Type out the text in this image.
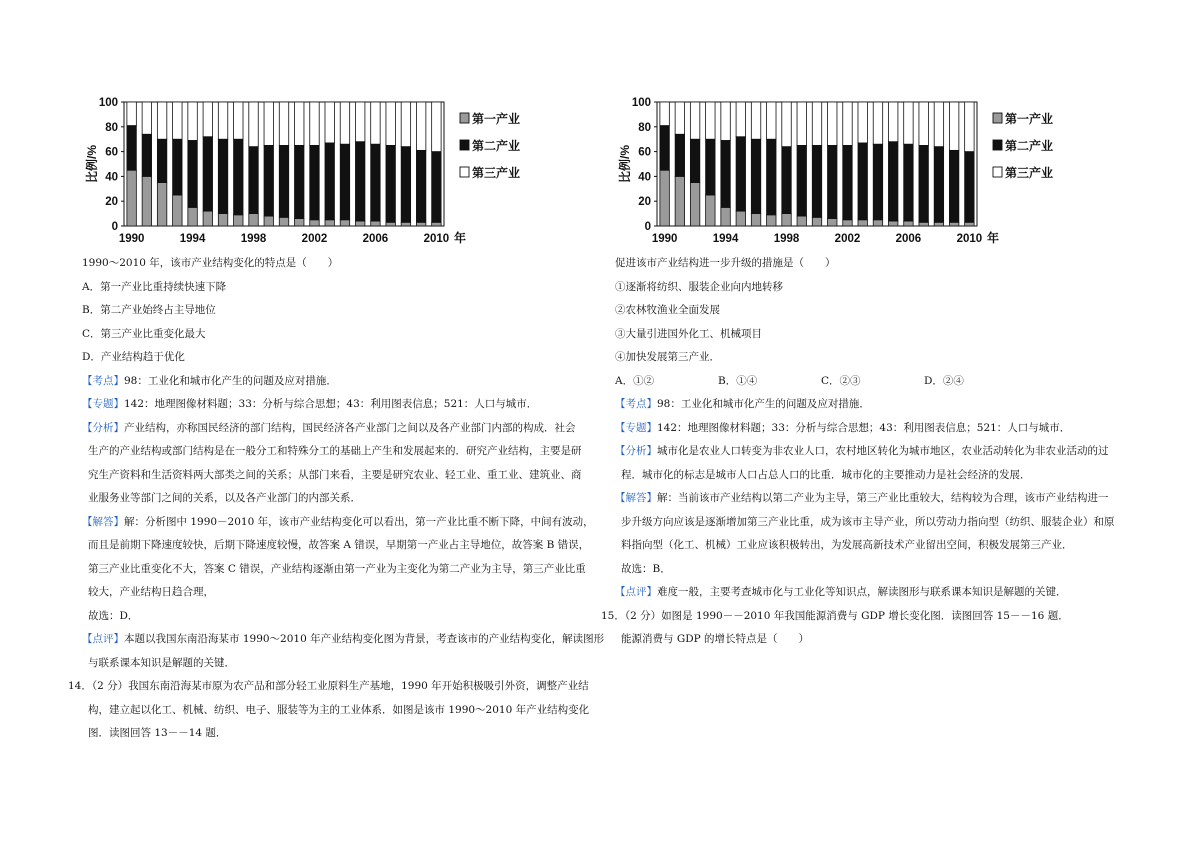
0
20
40
60
80
100
比例/%
1990	1994	1998	2002	2006	2010 年
第一产业
第二产业
第三产业
1990～2010 年，该市产业结构变化的特点是（　　）
A．第一产业比重持续快速下降
B．第二产业始终占主导地位
C．第三产业比重变化最大
D．产业结构趋于优化
【考点】98：工业化和城市化产生的问题及应对措施．
【专题】142：地理图像材料题；33：分析与综合思想；43：利用图表信息；521：人口与城市．
【分析】产业结构，亦称国民经济的部门结构，国民经济各产业部门之间以及各产业部门内部的构成．社会
生产的产业结构或部门结构是在一般分工和特殊分工的基础上产生和发展起来的．研究产业结构，主要是研
究生产资料和生活资料两大部类之间的关系；从部门来看，主要是研究农业、轻工业、重工业、建筑业、商
业服务业等部门之间的关系，以及各产业部门的内部关系．
【解答】解：分析图中 1990－2010 年，该市产业结构变化可以看出，第一产业比重不断下降，中间有波动，
而且是前期下降速度较快，后期下降速度较慢，故答案 A 错误，早期第一产业占主导地位，故答案 B 错误，
第三产业比重变化不大，答案 C 错误，产业结构逐渐由第一产业为主变化为第二产业为主导，第三产业比重
较大，产业结构日趋合理，
故选：D．
【点评】本题以我国东南沿海某市 1990～2010 年产业结构变化图为背景，考查该市的产业结构变化，解读图形
与联系课本知识是解题的关键．
14．（2 分）我国东南沿海某市原为农产品和部分轻工业原料生产基地，1990 年开始积极吸引外资，调整产业结
构，建立起以化工、机械、纺织、电子、服装等为主的工业体系．如图是该市 1990～2010 年产业结构变化
图．读图回答 13－－14 题．
0
20
40
60
80
100
比例/%
1990	1994	1998	2002	2006	2010 年
第一产业
第二产业
第三产业
促进该市产业结构进一步升级的措施是（　　）
①逐渐将纺织、服装企业向内地转移
②农林牧渔业全面发展
③大量引进国外化工、机械项目
④加快发展第三产业．
A．①②	B．①④	C．②③	D．②④
【考点】98：工业化和城市化产生的问题及应对措施．
【专题】142：地理图像材料题；33：分析与综合思想；43：利用图表信息；521：人口与城市．
【分析】城市化是农业人口转变为非农业人口，农村地区转化为城市地区，农业活动转化为非农业活动的过
程．城市化的标志是城市人口占总人口的比重．城市化的主要推动力是社会经济的发展．
【解答】解：当前该市产业结构以第二产业为主导，第三产业比重较大，结构较为合理，该市产业结构进一
步升级方向应该是逐渐增加第三产业比重，成为该市主导产业，所以劳动力指向型（纺织、服装企业）和原
料指向型（化工、机械）工业应该积极转出，为发展高新技术产业留出空间，积极发展第三产业．
故选：B．
【点评】难度一般，主要考查城市化与工业化等知识点，解读图形与联系课本知识是解题的关键．
15．（2 分）如图是 1990－－2010 年我国能源消费与 GDP 增长变化图．读图回答 15－－16 题．
能源消费与 GDP 的增长特点是（　　）
